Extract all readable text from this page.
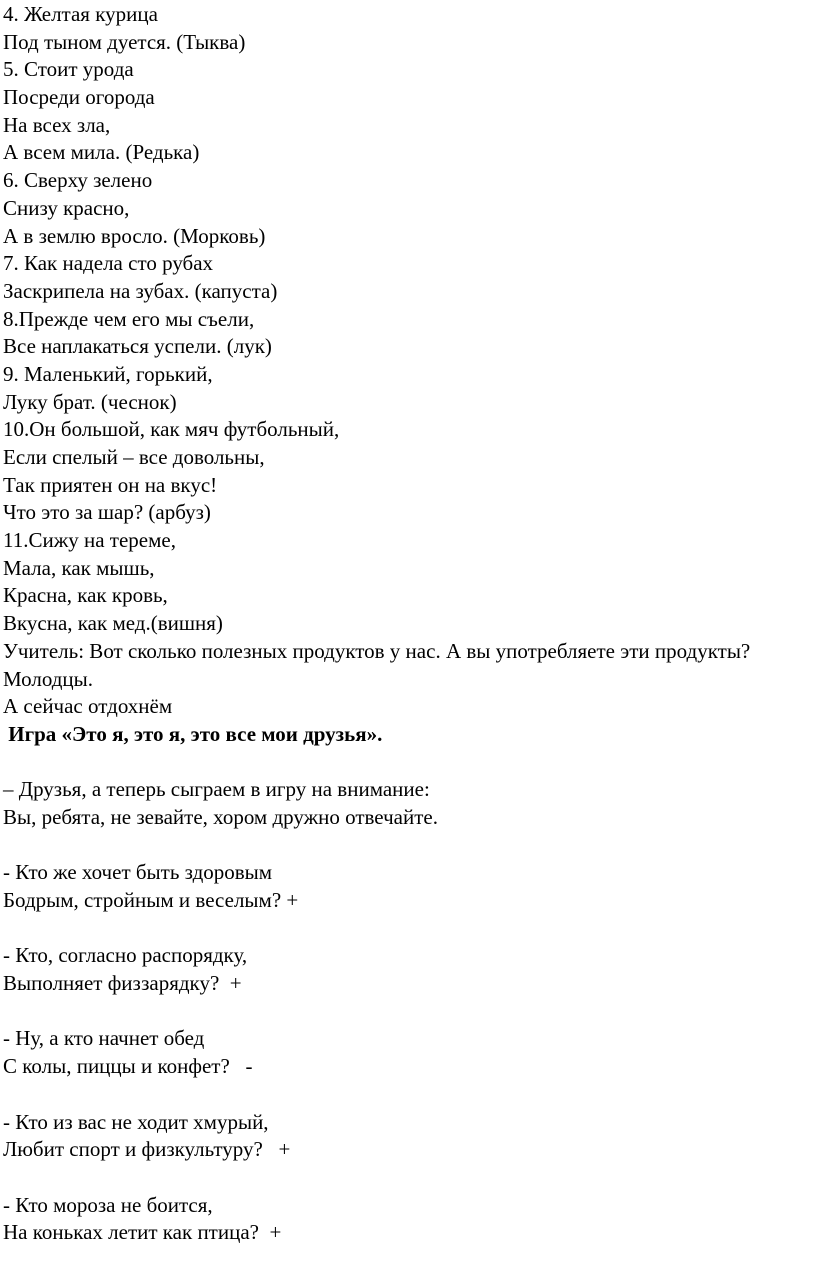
4. Желтая курица
Под тыном дуется. (Тыква)
5. Стоит урода
Посреди огорода
На всех зла,
А всем мила. (Редька)
6. Сверху зелено
Снизу красно,
А в землю вросло. (Морковь)
7. Как надела сто рубах
Заскрипела на зубах. (капуста)
8.Прежде чем его мы съели,
Все наплакаться успели. (лук)
9. Маленький, горький,
Луку брат. (чеснок)
10.Он большой, как мяч футбольный,
Если спелый – все довольны,
Так приятен он на вкус!
Что это за шар? (арбуз)
11.Сижу на тереме,
Мала, как мышь,
Красна, как кровь,
Вкусна, как мед.(вишня)
Учитель: Вот сколько полезных продуктов у нас. А вы употребляете эти продукты? Молодцы.
А сейчас отдохнём
Игра «Это я, это я, это все мои друзья».
– Друзья, а теперь сыграем в игру на внимание:
Вы, ребята, не зевайте, хором дружно отвечайте.
- Кто же хочет быть здоровым
Бодрым, стройным и веселым? +
- Кто, согласно распорядку,
Выполняет физзарядку?  +
- Ну, а кто начнет обед
С колы, пиццы и конфет?   -
- Кто из вас не ходит хмурый,
Любит спорт и физкультуру?   +
- Кто мороза не боится,
На коньках летит как птица?  +
